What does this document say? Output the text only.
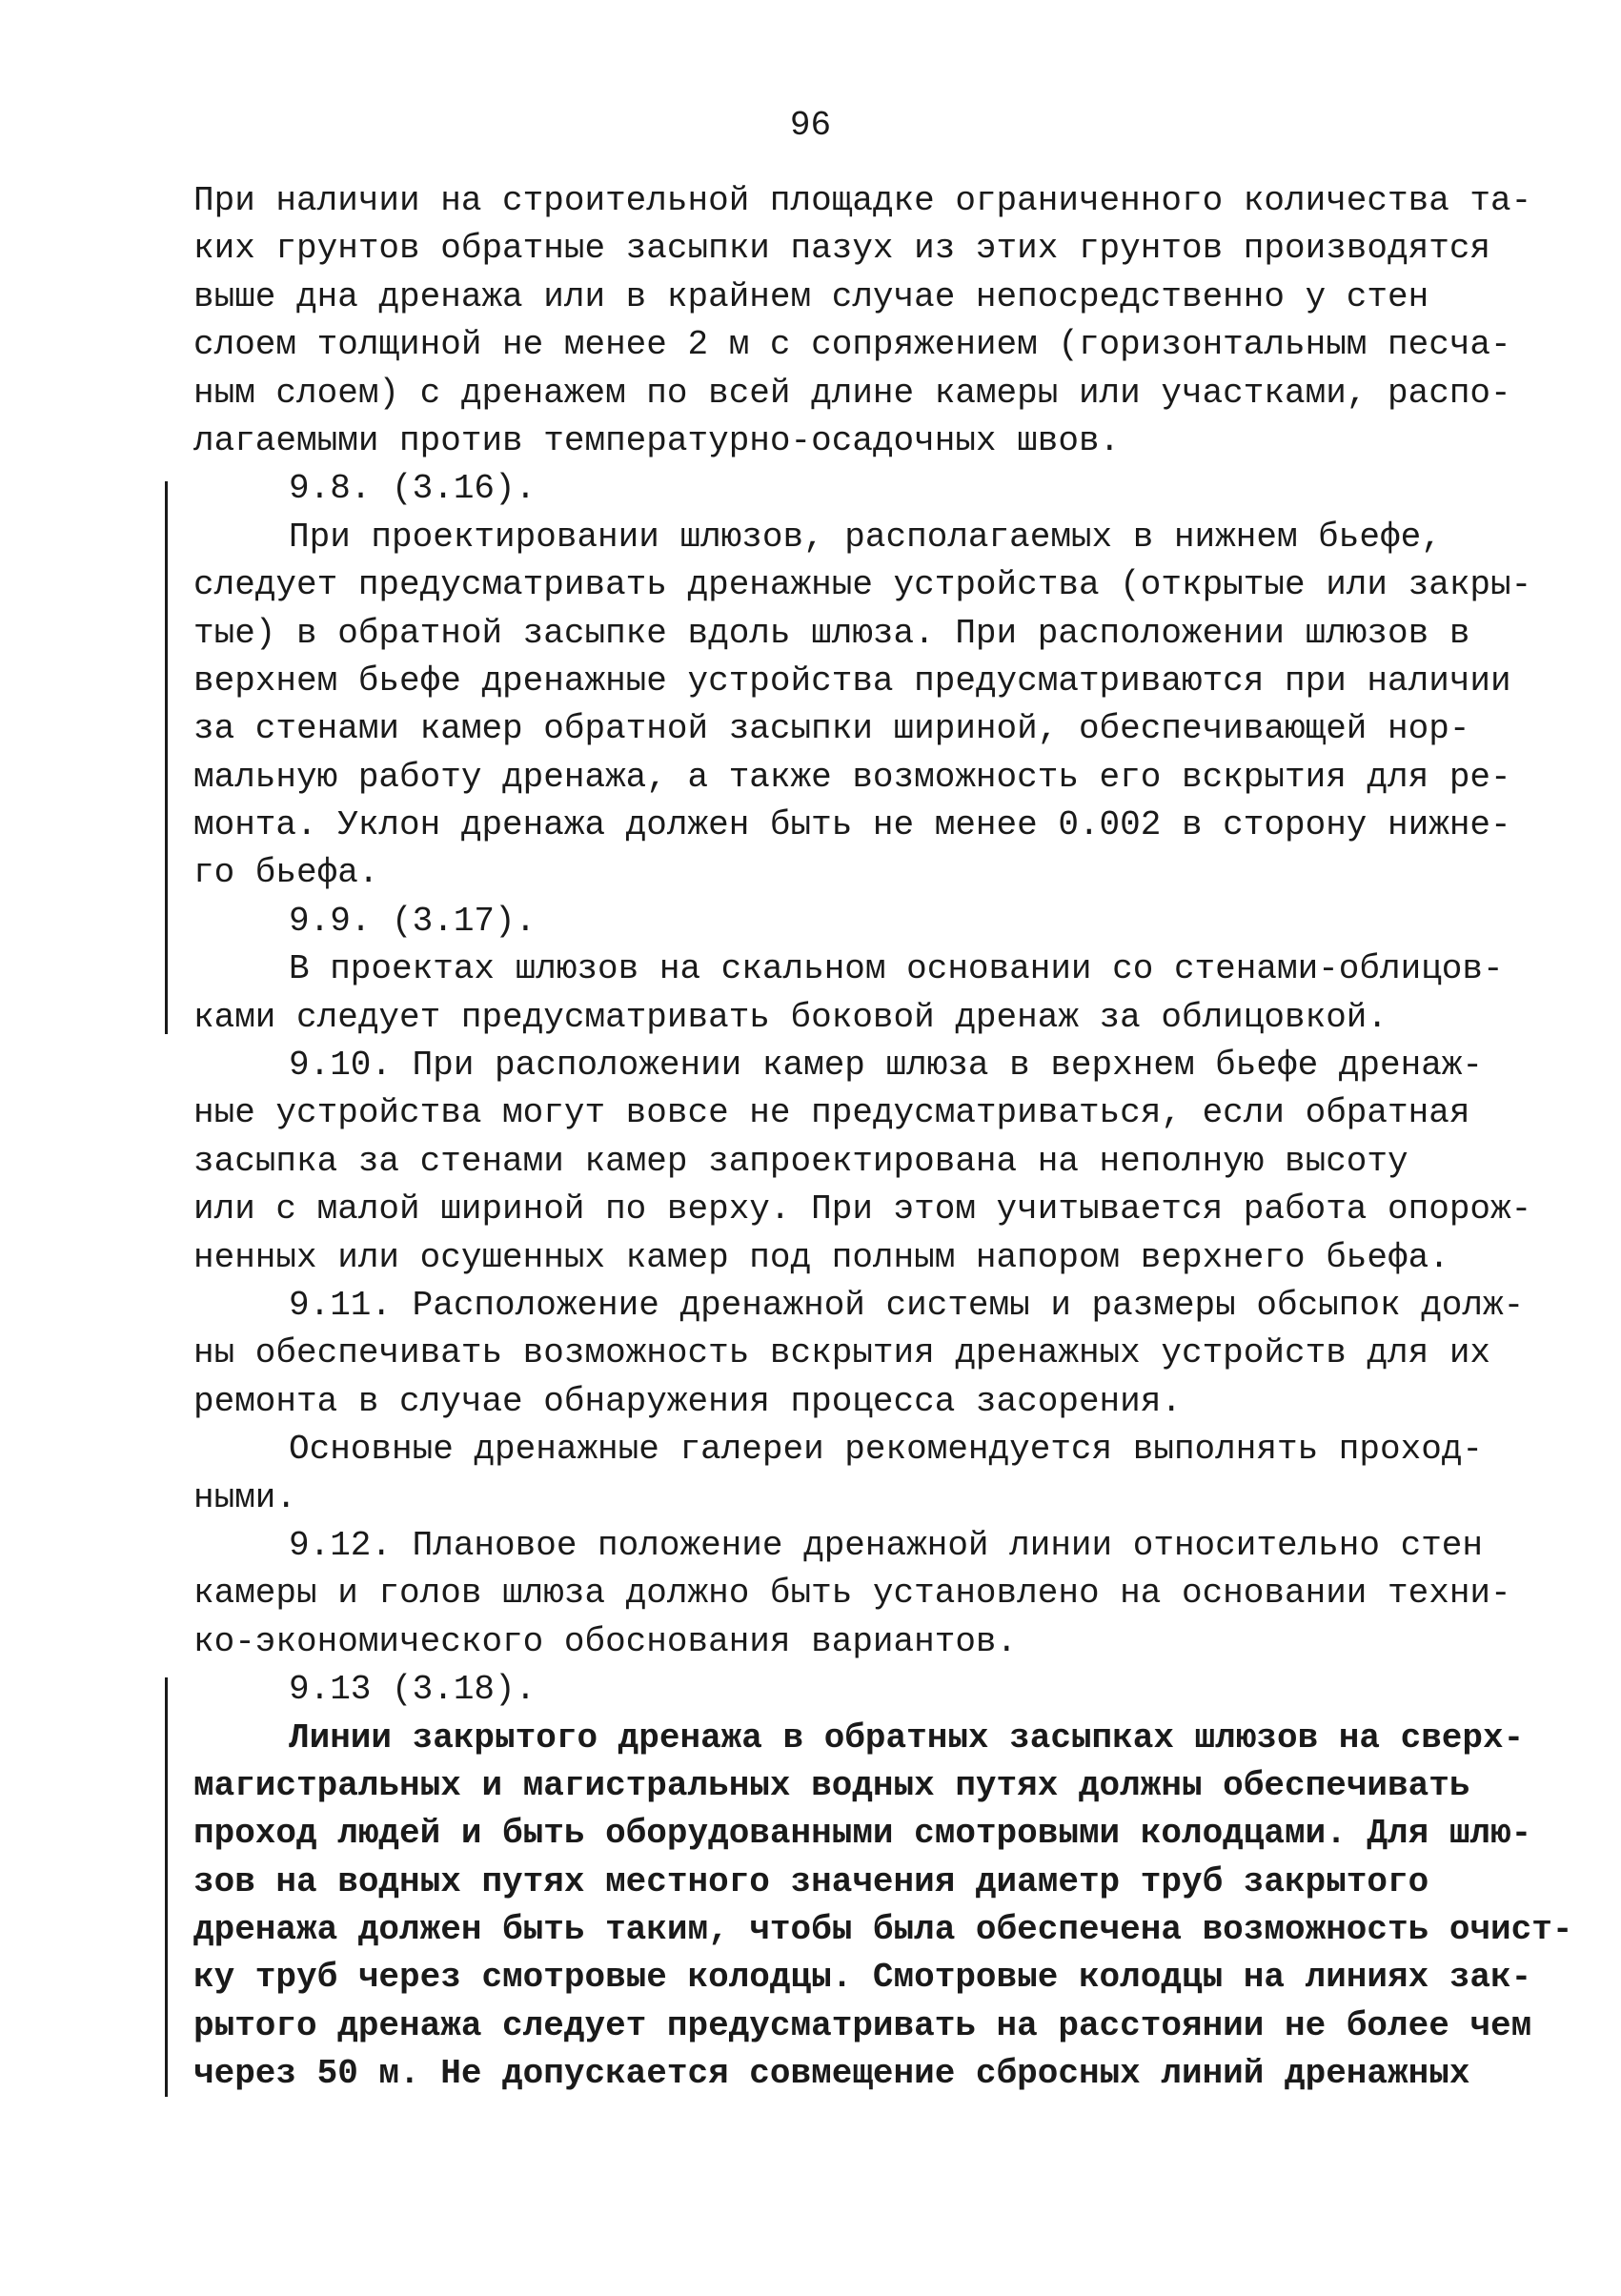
96
При наличии на строительной площадке ограниченного количества та-
ких грунтов обратные засыпки пазух из этих грунтов производятся
выше дна дренажа или в крайнем случае непосредственно у стен
слоем толщиной не менее 2 м с сопряжением (горизонтальным песча-
ным слоем) с дренажем по всей длине камеры или участками, распо-
лагаемыми против температурно-осадочных швов.
9.8. (3.16).
При проектировании шлюзов, располагаемых в нижнем бьефе,
следует предусматривать дренажные устройства (открытые или закры-
тые) в обратной засыпке вдоль шлюза. При расположении шлюзов в
верхнем бьефе дренажные устройства предусматриваются при наличии
за стенами камер обратной засыпки шириной, обеспечивающей нор-
мальную работу дренажа, а также возможность его вскрытия для ре-
монта. Уклон дренажа должен быть не менее 0.002 в сторону нижне-
го бьефа.
9.9. (3.17).
В проектах шлюзов на скальном основании со стенами-облицов-
ками следует предусматривать боковой дренаж за облицовкой.
9.10. При расположении камер шлюза в верхнем бьефе дренаж-
ные устройства могут вовсе не предусматриваться, если обратная
засыпка за стенами камер запроектирована на неполную высоту
или с малой шириной по верху. При этом учитывается работа опорож-
ненных или осушенных камер под полным напором верхнего бьефа.
9.11. Расположение дренажной системы и размеры обсыпок долж-
ны обеспечивать возможность вскрытия дренажных устройств для их
ремонта в случае обнаружения процесса засорения.
Основные дренажные галереи рекомендуется выполнять проход-
ными.
9.12. Плановое положение дренажной линии относительно стен
камеры и голов шлюза должно быть установлено на основании техни-
ко-экономического обоснования вариантов.
9.13 (3.18).
Линии закрытого дренажа в обратных засыпках шлюзов на сверх-
магистральных и магистральных водных путях должны обеспечивать
проход людей и быть оборудованными смотровыми колодцами. Для шлю-
зов на водных путях местного значения диаметр труб закрытого
дренажа должен быть таким, чтобы была обеспечена возможность очист-
ку труб через смотровые колодцы. Смотровые колодцы на линиях зак-
рытого дренажа следует предусматривать на расстоянии не более чем
через 50 м. Не допускается совмещение сбросных линий дренажных
